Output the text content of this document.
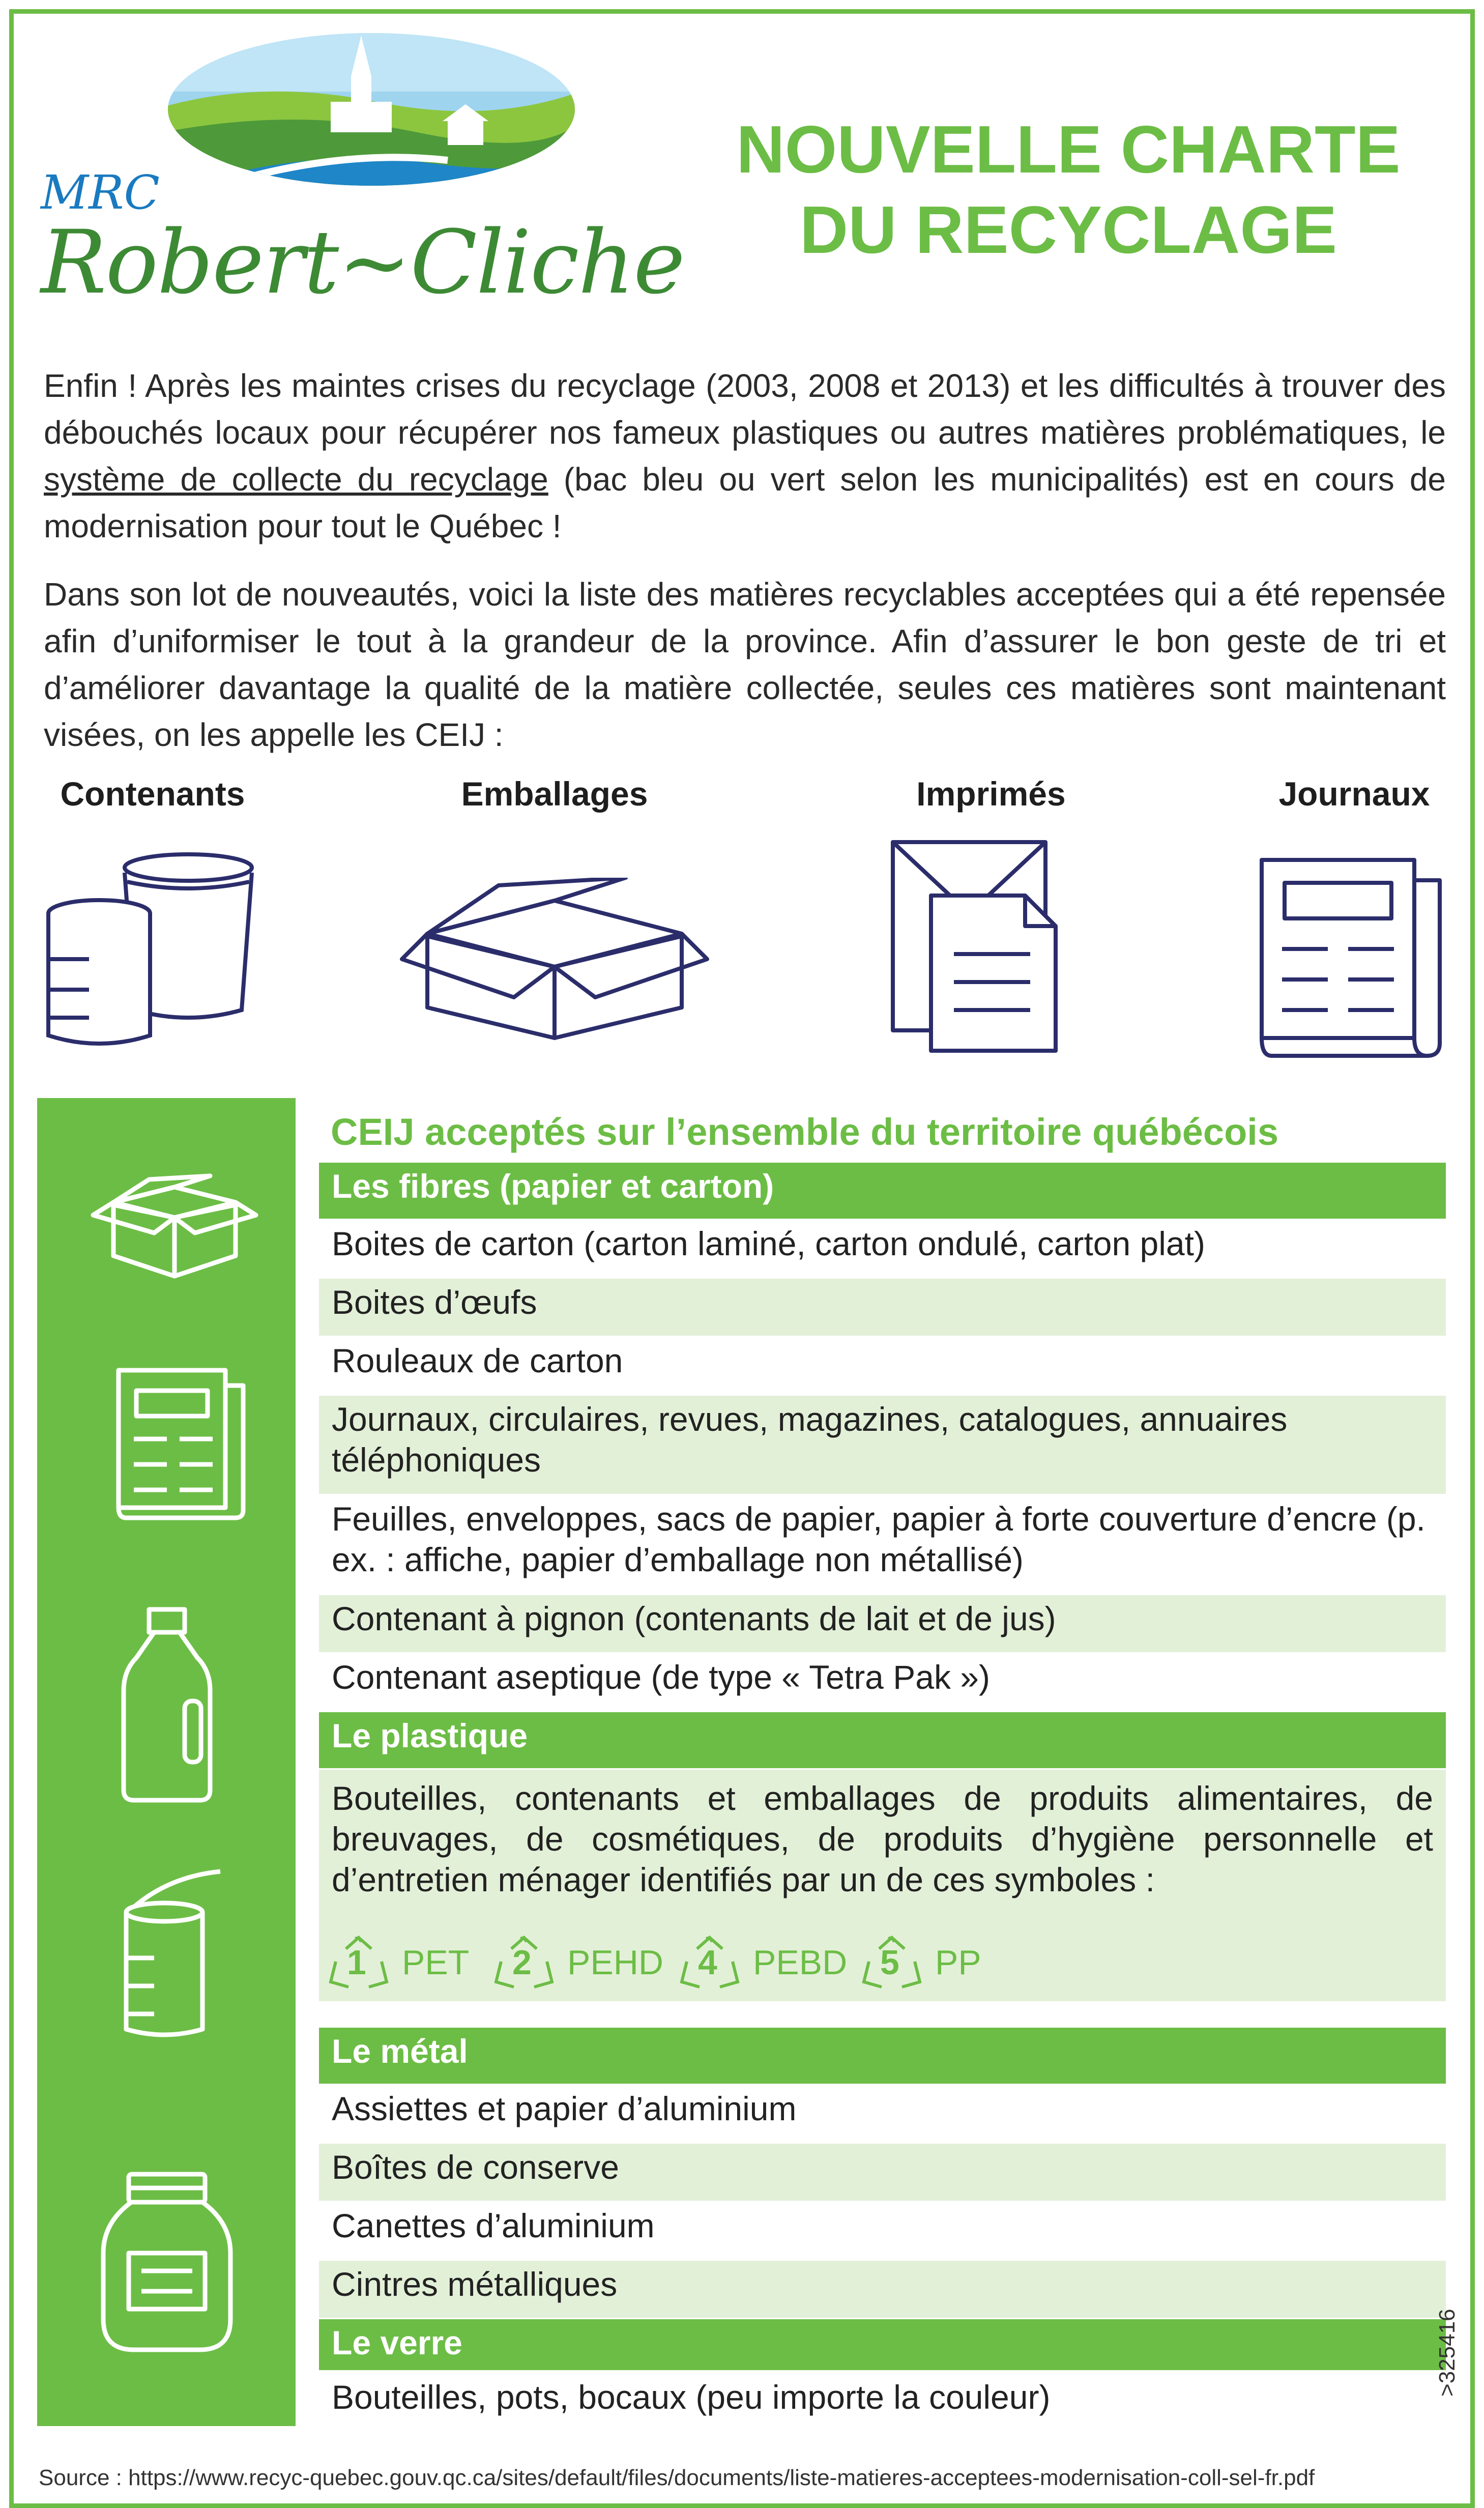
MRC
Robert~Cliche
NOUVELLE CHARTE
DU RECYCLAGE
Enfin ! Après les maintes crises du recyclage (2003, 2008 et 2013) et les difficultés à trouver des débouchés locaux pour récupérer nos fameux plastiques ou autres matières problématiques, le système de collecte du recyclage (bac bleu ou vert selon les municipalités) est en cours de modernisation pour tout le Québec !
Dans son lot de nouveautés, voici la liste des matières recyclables acceptées qui a été repensée afin d’uniformiser le tout à la grandeur de la province. Afin d’assurer le bon geste de tri et d’améliorer davantage la qualité de la matière collectée, seules ces matières sont maintenant visées, on les appelle les CEIJ :
Contenants	Emballages	Imprimés	Journaux
CEIJ acceptés sur l’ensemble du territoire québécois
Les fibres (papier et carton)
Boites de carton (carton laminé, carton ondulé, carton plat)
Boites d’œufs
Rouleaux de carton
Journaux, circulaires, revues, magazines, catalogues, annuaires téléphoniques
Feuilles, enveloppes, sacs de papier, papier à forte couverture d’encre (p. ex. : affiche, papier d’emballage non métallisé)
Contenant à pignon (contenants de lait et de jus)
Contenant aseptique (de type « Tetra Pak »)
Le plastique
Bouteilles, contenants et emballages de produits alimentaires, de breuvages, de cosmétiques, de produits d’hygiène personnelle et d’entretien ménager identifiés par un de ces symboles :
1 PET 2 PEHD 4 PEBD 5 PP
Le métal
Assiettes et papier d’aluminium
Boîtes de conserve
Canettes d’aluminium
Cintres métalliques
Le verre
Bouteilles, pots, bocaux (peu importe la couleur)
>325416
Source : https://www.recyc-quebec.gouv.qc.ca/sites/default/files/documents/liste-matieres-acceptees-modernisation-coll-sel-fr.pdf
